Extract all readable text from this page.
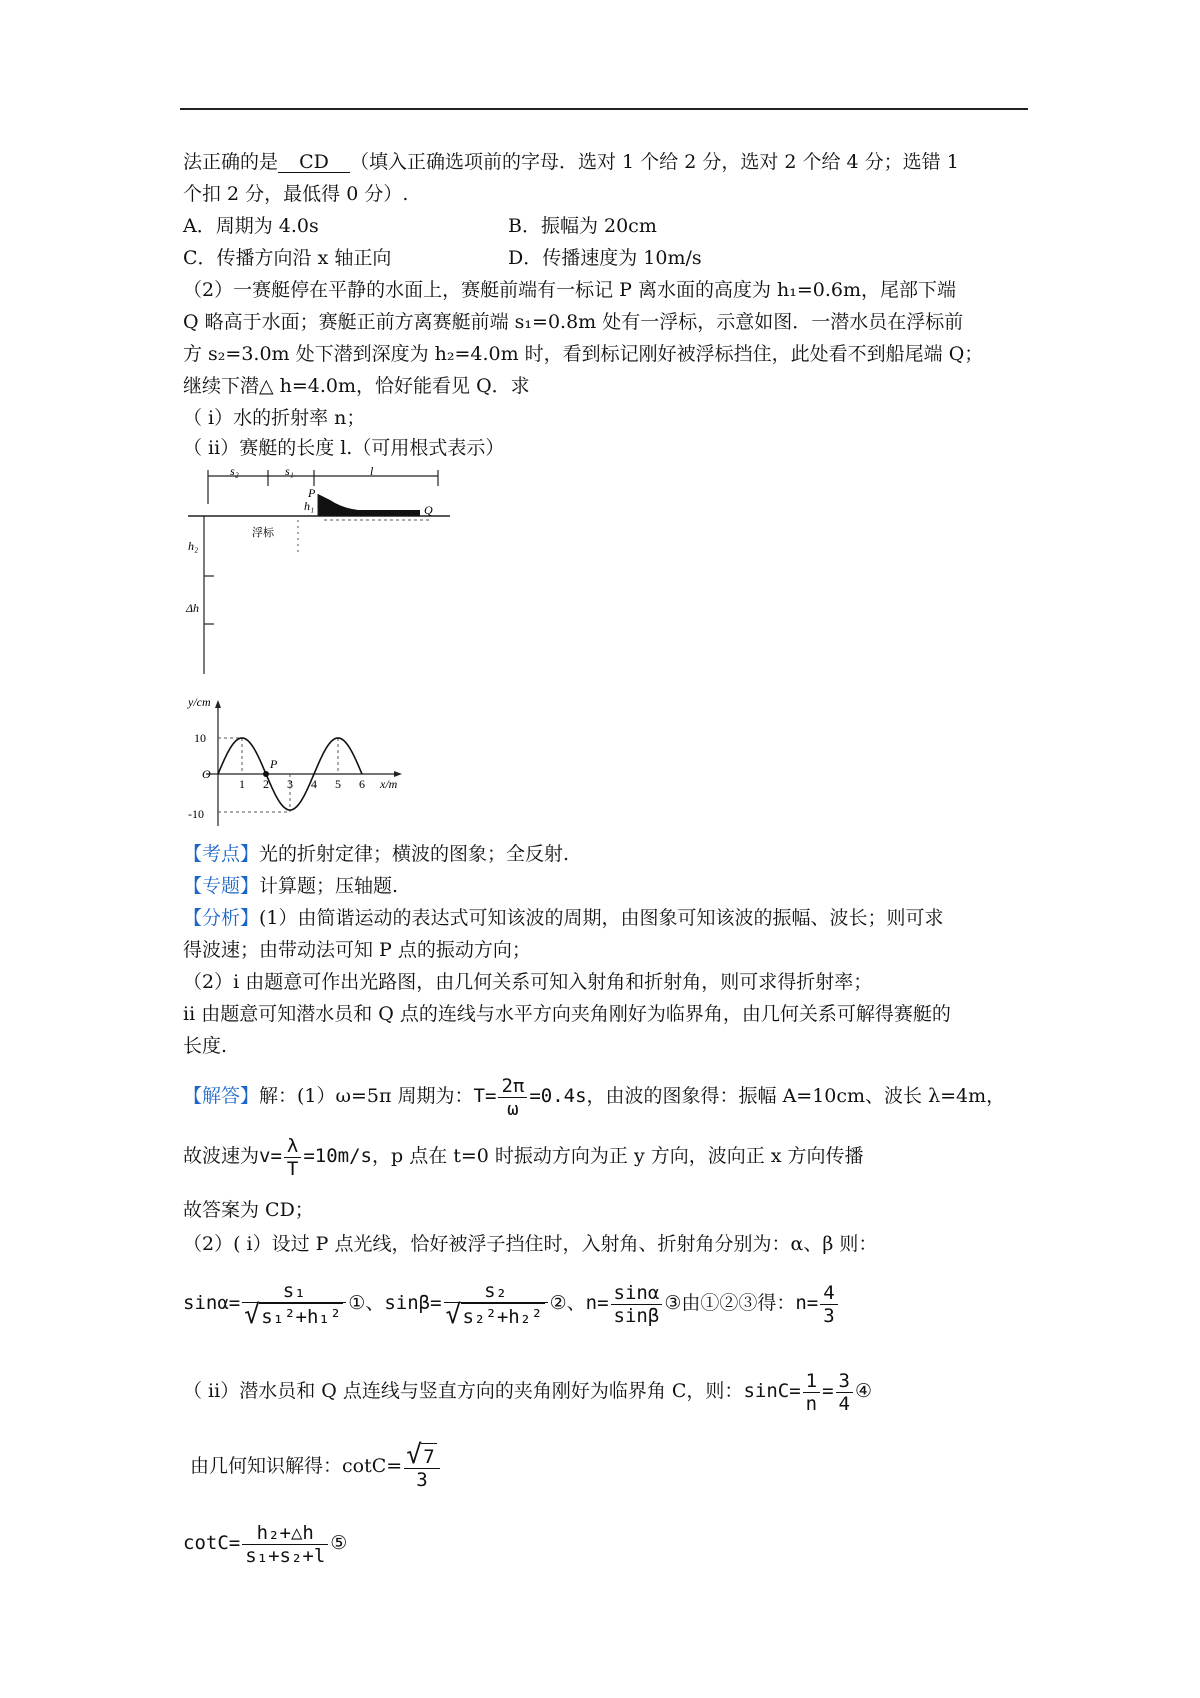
法正确的是 CD （填入正确选项前的字母．选对 1 个给 2 分，选对 2 个给 4 分；选错 1
个扣 2 分，最低得 0 分）.
A．周期为 4.0s	B．振幅为 20cm
C．传播方向沿 x 轴正向	D．传播速度为 10m/s
（2）一赛艇停在平静的水面上，赛艇前端有一标记 P 离水面的高度为 h₁=0.6m，尾部下端
Q 略高于水面；赛艇正前方离赛艇前端 s₁=0.8m 处有一浮标，示意如图．一潜水员在浮标前
方 s₂=3.0m 处下潜到深度为 h₂=4.0m 时，看到标记刚好被浮标挡住，此处看不到船尾端 Q；
继续下潜△ h=4.0m，恰好能看见 Q．求
（ i）水的折射率 n；
（ ii）赛艇的长度 l.（可用根式表示）
s₂	s₁	l
P
h₁	Q
浮标
h₂
Δh
y/cm
x/m
10
-10
O
1 2 3 4 5 6
P
【考点】光的折射定律；横波的图象；全反射.
【专题】计算题；压轴题.
【分析】(1）由简谐运动的表达式可知该波的周期，由图象可知该波的振幅、波长；则可求
得波速；由带动法可知 P 点的振动方向；
（2）i 由题意可作出光路图，由几何关系可知入射角和折射角，则可求得折射率；
ii 由题意可知潜水员和 Q 点的连线与水平方向夹角刚好为临界角，由几何关系可解得赛艇的
长度.
【解答】解：(1）ω=5π 周期为：$T= \frac{2\pi}{\omega} =0.4s$，由波的图象得：振幅 A=10cm、波长 λ=4m，
故波速为$v= \frac{\lambda}{T} =10m/s$，p 点在 t=0 时振动方向为正 y 方向，波向正 x 方向传播
故答案为 CD；
（2）( i）设过 P 点光线，恰好被浮子挡住时，入射角、折射角分别为：α、β 则：
sinα= s₁
√ s₁²+h₁² ①、sinβ= s₂
√ s₂²+h₂² ②、$n= \frac{\sin\alpha}{\sin\beta}$ ③由①②③得：$n= \frac{4}{3}$
（ ii）潜水员和 Q 点连线与竖直方向的夹角刚好为临界角 C，则：$\sin C= \frac{1}{n} = \frac{3}{4}$ ④
由几何知识解得：cotC=
√ $\frac{7}{3}$
$\cot C= \frac{\text{h₂+△h}}{\text{s₁+s₂+l}}$ ⑤
